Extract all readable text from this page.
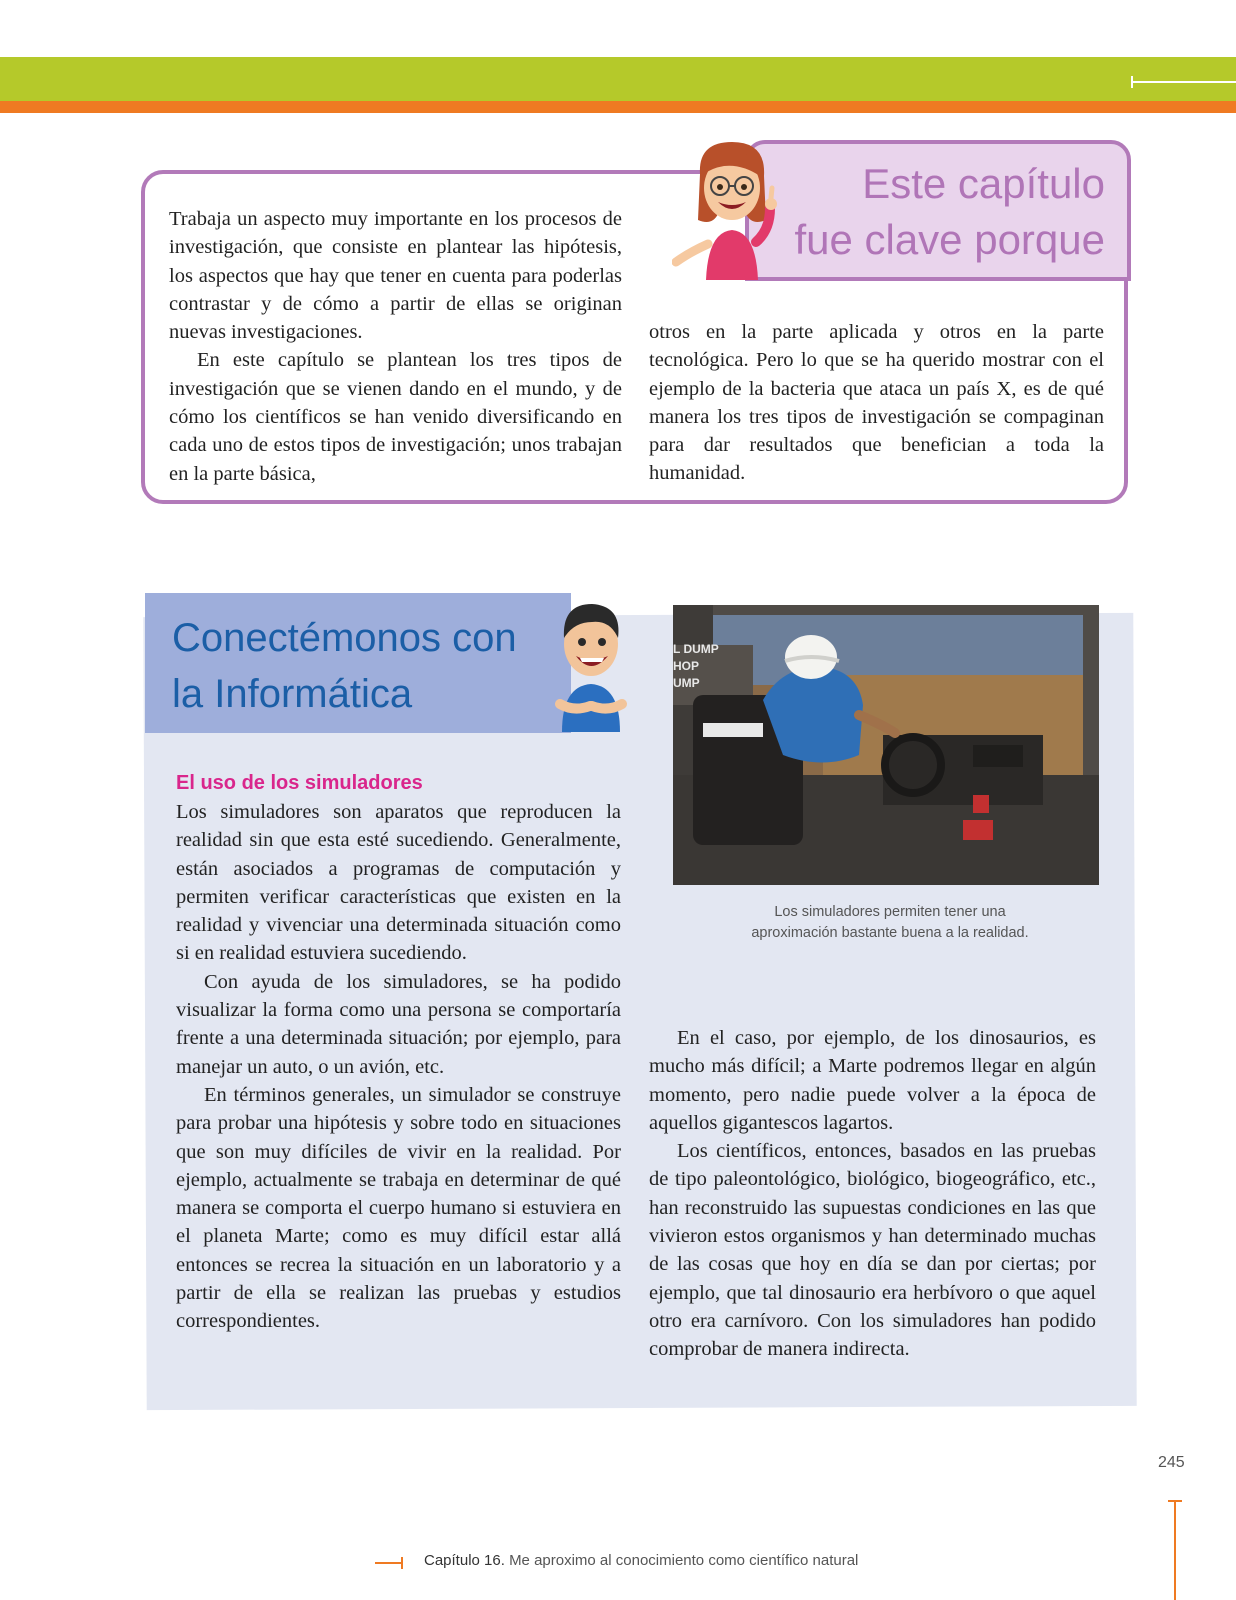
Este capítulo
fue clave porque

Trabaja un aspecto muy importante en los procesos de investigación, que consiste en plantear las hipótesis, los aspectos que hay que tener en cuenta para poderlas contrastar y de cómo a partir de ellas se originan nuevas investigaciones.

En este capítulo se plantean los tres tipos de investigación que se vienen dando en el mundo, y de cómo los científicos se han venido diversificando en cada uno de estos tipos de investigación; unos trabajan en la parte básica,

otros en la parte aplicada y otros en la parte tecnológica. Pero lo que se ha querido mostrar con el ejemplo de la bacteria que ataca un país X, es de qué manera los tres tipos de investigación se compaginan para dar resultados que benefician a toda la humanidad.

Conectémonos con
la Informática
El uso de los simuladores

Los simuladores son aparatos que reproducen la realidad sin que esta esté sucediendo. Generalmente, están asociados a programas de computación y permiten verificar características que existen en la realidad y vivenciar una determinada situación como si en realidad estuviera sucediendo.

Con ayuda de los simuladores, se ha podido visualizar la forma como una persona se comportaría frente a una determinada situación; por ejemplo, para manejar un auto, o un avión, etc.

En términos generales, un simulador se construye para probar una hipótesis y sobre todo en situaciones que son muy difíciles de vivir en la realidad. Por ejemplo, actualmente se trabaja en determinar de qué manera se comporta el cuerpo humano si estuviera en el planeta Marte; como es muy difícil estar allá entonces se recrea la situación en un laboratorio y a partir de ella se realizan las pruebas y estudios correspondientes.

L DUMP
HOP
UMP
Los simuladores permiten tener una
aproximación bastante buena a la realidad.

En el caso, por ejemplo, de los dinosaurios, es mucho más difícil; a Marte podremos llegar en algún momento, pero nadie puede volver a la época de aquellos gigantescos lagartos.

Los científicos, entonces, basados en las pruebas de tipo paleontológico, biológico, biogeográfico, etc., han reconstruido las supuestas condiciones en las que vivieron estos organismos y han determinado muchas de las cosas que hoy en día se dan por ciertas; por ejemplo, que tal dinosaurio era herbívoro o que aquel otro era carnívoro. Con los simuladores han podido comprobar de manera indirecta.

245
Capítulo 16. Me aproximo al conocimiento como científico natural
